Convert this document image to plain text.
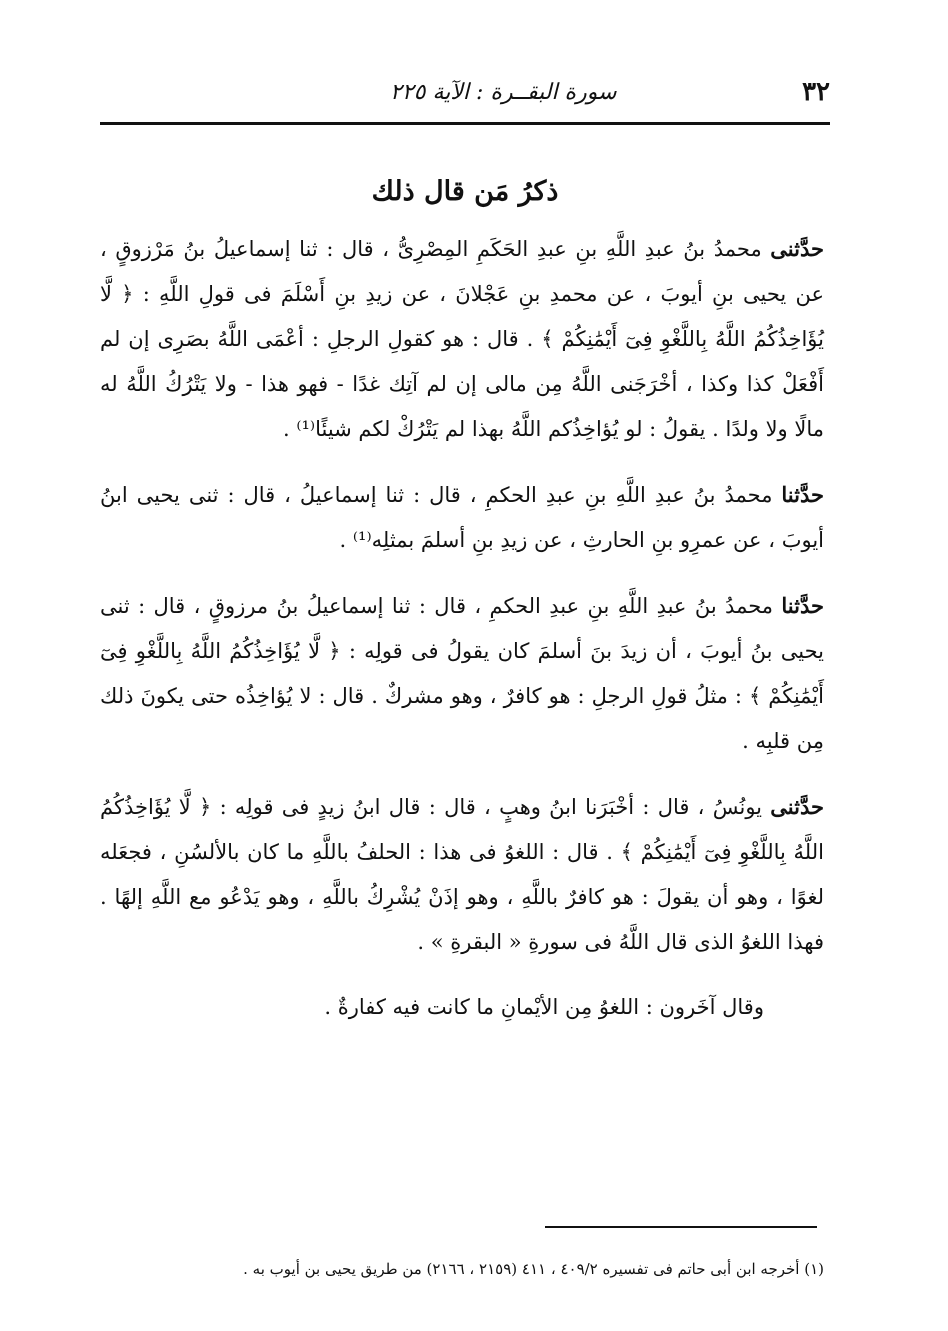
٣٢
سورة البقــرة : الآية ٢٢٥
ذكرُ مَن قال ذلك

حدَّثنى محمدُ بنُ عبدِ اللَّهِ بنِ عبدِ الحَكَمِ المِصْرِىُّ ، قال : ثنا إسماعيلُ بنُ مَرْزوقٍ ، عن يحيى بنِ أيوبَ ، عن محمدِ بنِ عَجْلانَ ، عن زيدِ بنِ أَسْلَمَ فى قولِ اللَّهِ : ﴿ لَّا يُؤَاخِذُكُمُ اللَّهُ بِاللَّغْوِ فِىٓ أَيْمَٰنِكُمْ ﴾ . قال : هو كقولِ الرجلِ : أعْمَى اللَّهُ بصَرِى إن لم أَفْعَلْ كذا وكذا ، أخْرَجَنى اللَّهُ مِن مالى إن لم آتِك غدًا - فهو هذا - ولا يَتْرُكُ اللَّهُ له مالًا ولا ولدًا . يقولُ : لو يُؤاخِذُكم اللَّهُ بهذا لم يَتْرُكْ لكم شيئًا⁽¹⁾ .

حدَّثنا محمدُ بنُ عبدِ اللَّهِ بنِ عبدِ الحكمِ ، قال : ثنا إسماعيلُ ، قال : ثنى يحيى ابنُ أيوبَ ، عن عمرِو بنِ الحارثِ ، عن زيدِ بنِ أسلمَ بمثلِه⁽¹⁾ .

حدَّثنا محمدُ بنُ عبدِ اللَّهِ بنِ عبدِ الحكمِ ، قال : ثنا إسماعيلُ بنُ مرزوقٍ ، قال : ثنى يحيى بنُ أيوبَ ، أن زيدَ بنَ أسلمَ كان يقولُ فى قولِه : ﴿ لَّا يُؤَاخِذُكُمُ اللَّهُ بِاللَّغْوِ فِىٓ أَيْمَٰنِكُمْ ﴾ : مثلُ قولِ الرجلِ : هو كافرٌ ، وهو مشركٌ . قال : لا يُؤاخِذُه حتى يكونَ ذلك مِن قلبِه .

حدَّثنى يونُسُ ، قال : أخْبَرَنا ابنُ وهبٍ ، قال : قال ابنُ زيدٍ فى قولِه : ﴿ لَّا يُؤَاخِذُكُمُ اللَّهُ بِاللَّغْوِ فِىٓ أَيْمَٰنِكُمْ ﴾ . قال : اللغوُ فى هذا : الحلفُ باللَّهِ ما كان بالألسُنِ ، فجعَله لغوًا ، وهو أن يقولَ : هو كافرٌ باللَّهِ ، وهو إذَنْ يُشْرِكُ باللَّهِ ، وهو يَدْعُو مع اللَّهِ إلهًا . فهذا اللغوُ الذى قال اللَّهُ فى سورةِ « البقرةِ » .

وقال آخَرون : اللغوُ مِن الأيْمانِ ما كانت فيه كفارةٌ .

(١) أخرجه ابن أبى حاتم فى تفسيره ٤٠٩/٢ ، ٤١١ (٢١٥٩ ، ٢١٦٦) من طريق يحيى بن أيوب به .
